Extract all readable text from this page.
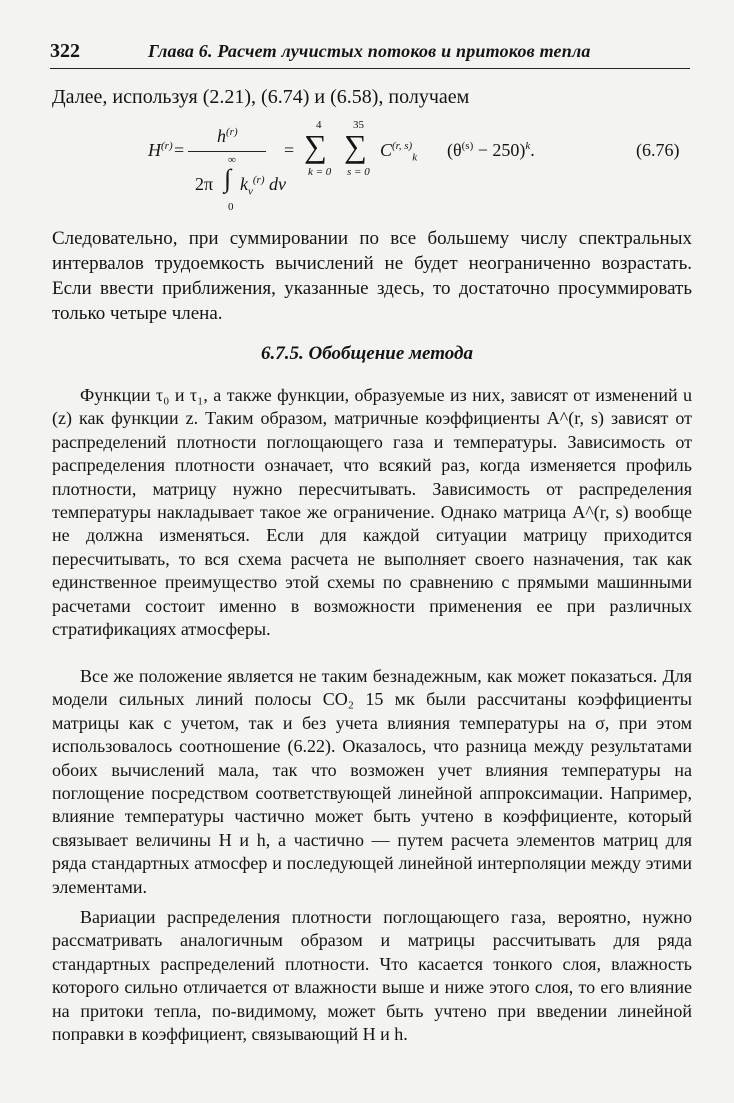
322	Глава 6. Расчет лучистых потоков и притоков тепла
Далее, используя (2.21), (6.74) и (6.58), получаем
$H^{(r)}$ =
$h^{(r)}$
∞
2π ∫ $k_\nu^{(r)}$ dν
0
=
4
∑
k = 0
35
∑
s = 0
C$^{(r, s)}_k$ $(\theta^{(s)} - 250)^k$.	(6.76)
Следовательно, при суммировании по все большему числу спектральных интервалов трудоемкость вычислений не будет неограниченно возрастать. Если ввести приближения, указанные здесь, то достаточно просуммировать только четыре члена.
6.7.5. Обобщение метода
Функции τ₀ и τ₁, а также функции, образуемые из них, зависят от изменений u (z) как функции z. Таким образом, матричные коэффициенты A^(r, s) зависят от распределений плотности поглощающего газа и температуры. Зависимость от распределения плотности означает, что всякий раз, когда изменяется профиль плотности, матрицу нужно пересчитывать. Зависимость от распределения температуры накладывает такое же ограничение. Однако матрица A^(r, s) вообще не должна изменяться. Если для каждой ситуации матрицу приходится пересчитывать, то вся схема расчета не выполняет своего назначения, так как единственное преимущество этой схемы по сравнению с прямыми машинными расчетами состоит именно в возможности применения ее при различных стратификациях атмосферы.
Все же положение является не таким безнадежным, как может показаться. Для модели сильных линий полосы CO₂ 15 мк были рассчитаны коэффициенты матрицы как с учетом, так и без учета влияния температуры на σ, при этом использовалось соотношение (6.22). Оказалось, что разница между результатами обоих вычислений мала, так что возможен учет влияния температуры на поглощение посредством соответствующей линейной аппроксимации. Например, влияние температуры частично может быть учтено в коэффициенте, который связывает величины H и h, а частично — путем расчета элементов матриц для ряда стандартных атмосфер и последующей линейной интерполяции между этими элементами.
Вариации распределения плотности поглощающего газа, вероятно, нужно рассматривать аналогичным образом и матрицы рассчитывать для ряда стандартных распределений плотности. Что касается тонкого слоя, влажность которого сильно отличается от влажности выше и ниже этого слоя, то его влияние на притоки тепла, по-видимому, может быть учтено при введении линейной поправки в коэффициент, связывающий H и h.
